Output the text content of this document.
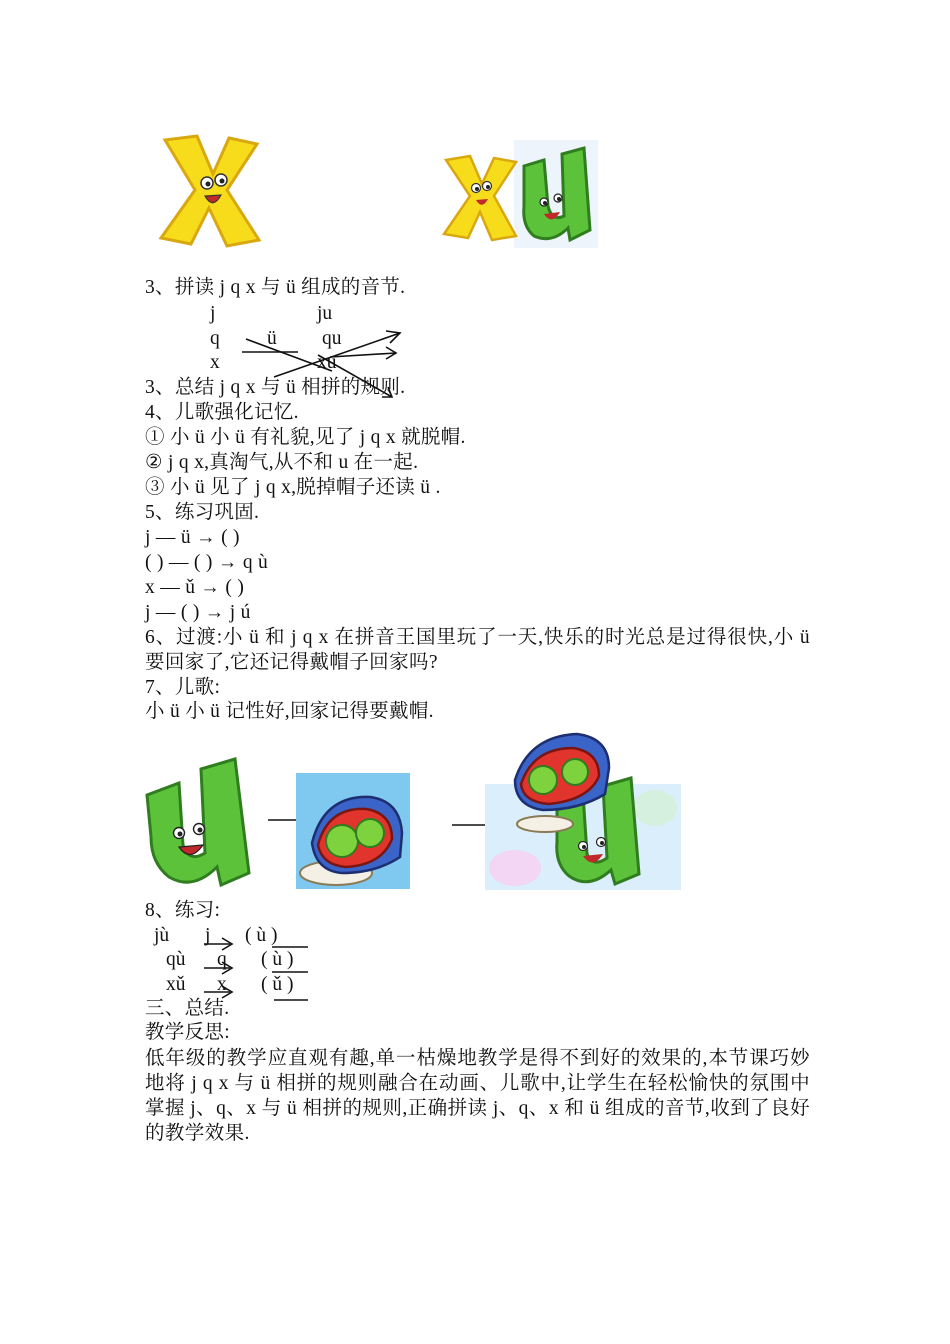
3、拼读 j q x 与 ü 组成的音节.
j
q
x
ü
ju
qu
xu
3、总结 j q x 与 ü 相拼的规则.
4、儿歌强化记忆.
① 小 ü 小 ü 有礼貌,见了 j q x 就脱帽.
② j q x,真淘气,从不和 u 在一起.
③ 小 ü 见了 j q x,脱掉帽子还读 ü .
5、练习巩固.
j — ü → ( )
( ) — ( ) → q ù
x — ǔ → ( )
j — ( ) → j ú
6、过渡:小 ü 和 j q x 在拼音王国里玩了一天,快乐的时光总是过得很快,小 ü 要回家了,它还记得戴帽子回家吗?
7、儿歌:
小 ü 小 ü 记性好,回家记得要戴帽.
8、练习:
jù
qù
xǔ
j
q
x
( ù )
( ù )
( ǔ )
三、总结.
教学反思:
低年级的教学应直观有趣,单一枯燥地教学是得不到好的效果的,本节课巧妙地将 j q x 与 ü 相拼的规则融合在动画、儿歌中,让学生在轻松愉快的氛围中掌握 j、q、x 与 ü 相拼的规则,正确拼读 j、q、x 和 ü 组成的音节,收到了良好的教学效果.
